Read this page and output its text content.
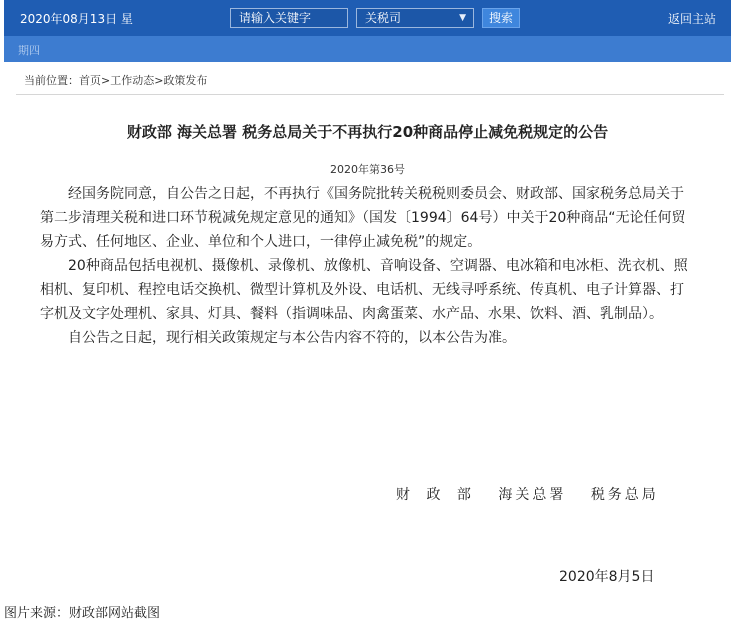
2020年08月13日 星	请输入关键字	关税司	▼	搜索	返回主站
期四
当前位置：首页>工作动态>政策发布
财政部 海关总署 税务总局关于不再执行20种商品停止减免税规定的公告
2020年第36号

经国务院同意，自公告之日起，不再执行《国务院批转关税税则委员会、财政部、国家税务总局关于第二步清理关税和进口环节税减免规定意见的通知》（国发〔1994〕64号）中关于20种商品“无论任何贸易方式、任何地区、企业、单位和个人进口，一律停止减免税”的规定。

20种商品包括电视机、摄像机、录像机、放像机、音响设备、空调器、电冰箱和电冰柜、洗衣机、照相机、复印机、程控电话交换机、微型计算机及外设、电话机、无线寻呼系统、传真机、电子计算器、打字机及文字处理机、家具、灯具、餐料（指调味品、肉禽蛋菜、水产品、水果、饮料、酒、乳制品）。

自公告之日起，现行相关政策规定与本公告内容不符的，以本公告为准。

财 政 部 海关总署 税务总局
2020年8月5日
图片来源：财政部网站截图
